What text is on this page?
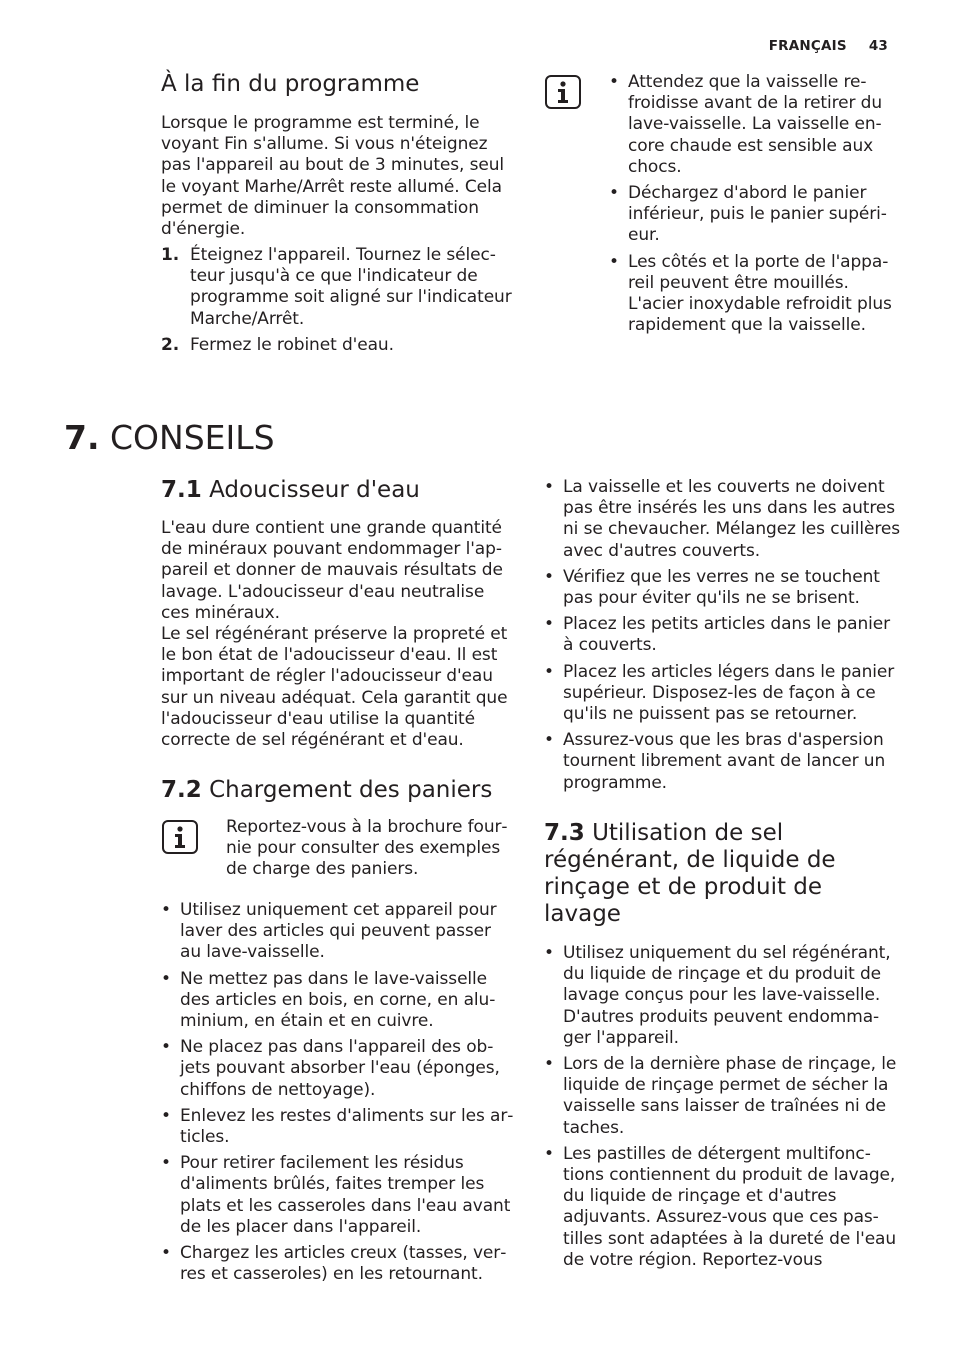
FRANÇAIS 43
À la fin du programme

Lorsque le programme est terminé, le voyant Fin s'allume. Si vous n'éteignez pas l'appareil au bout de 3 minutes, seul le voyant Marhe/Arrêt reste allumé. Cela permet de diminuer la consommation d'énergie.

1. Éteignez l'appareil. Tournez le sélecteur jusqu'à ce que l'indicateur de programme soit aligné sur l'indicateur Marche/Arrêt.
2. Fermez le robinet d'eau.
• Attendez que la vaisselle refroidisse avant de la retirer du lave-vaisselle. La vaisselle encore chaude est sensible aux chocs.
• Déchargez d'abord le panier inférieur, puis le panier supérieur.
• Les côtés et la porte de l'appareil peuvent être mouillés. L'acier inoxydable refroidit plus rapidement que la vaisselle.
7. CONSEILS
7.1 Adoucisseur d'eau

L'eau dure contient une grande quantité de minéraux pouvant endommager l'appareil et donner de mauvais résultats de lavage. L'adoucisseur d'eau neutralise ces minéraux.

Le sel régénérant préserve la propreté et le bon état de l'adoucisseur d'eau. Il est important de régler l'adoucisseur d'eau sur un niveau adéquat. Cela garantit que l'adoucisseur d'eau utilise la quantité correcte de sel régénérant et d'eau.

7.2 Chargement des paniers

Reportez-vous à la brochure fournie pour consulter des exemples de charge des paniers.

• Utilisez uniquement cet appareil pour laver des articles qui peuvent passer au lave-vaisselle.
• Ne mettez pas dans le lave-vaisselle des articles en bois, en corne, en aluminium, en étain et en cuivre.
• Ne placez pas dans l'appareil des objets pouvant absorber l'eau (éponges, chiffons de nettoyage).
• Enlevez les restes d'aliments sur les articles.
• Pour retirer facilement les résidus d'aliments brûlés, faites tremper les plats et les casseroles dans l'eau avant de les placer dans l'appareil.
• Chargez les articles creux (tasses, verres et casseroles) en les retournant.
• La vaisselle et les couverts ne doivent pas être insérés les uns dans les autres ni se chevaucher. Mélangez les cuillères avec d'autres couverts.
• Vérifiez que les verres ne se touchent pas pour éviter qu'ils ne se brisent.
• Placez les petits articles dans le panier à couverts.
• Placez les articles légers dans le panier supérieur. Disposez-les de façon à ce qu'ils ne puissent pas se retourner.
• Assurez-vous que les bras d'aspersion tournent librement avant de lancer un programme.
7.3 Utilisation de sel régénérant, de liquide de rinçage et de produit de lavage
• Utilisez uniquement du sel régénérant, du liquide de rinçage et du produit de lavage conçus pour les lave-vaisselle. D'autres produits peuvent endommager l'appareil.
• Lors de la dernière phase de rinçage, le liquide de rinçage permet de sécher la vaisselle sans laisser de traînées ni de taches.
• Les pastilles de détergent multifonctions contiennent du produit de lavage, du liquide de rinçage et d'autres adjuvants. Assurez-vous que ces pastilles sont adaptées à la dureté de l'eau de votre région. Reportez-vous
